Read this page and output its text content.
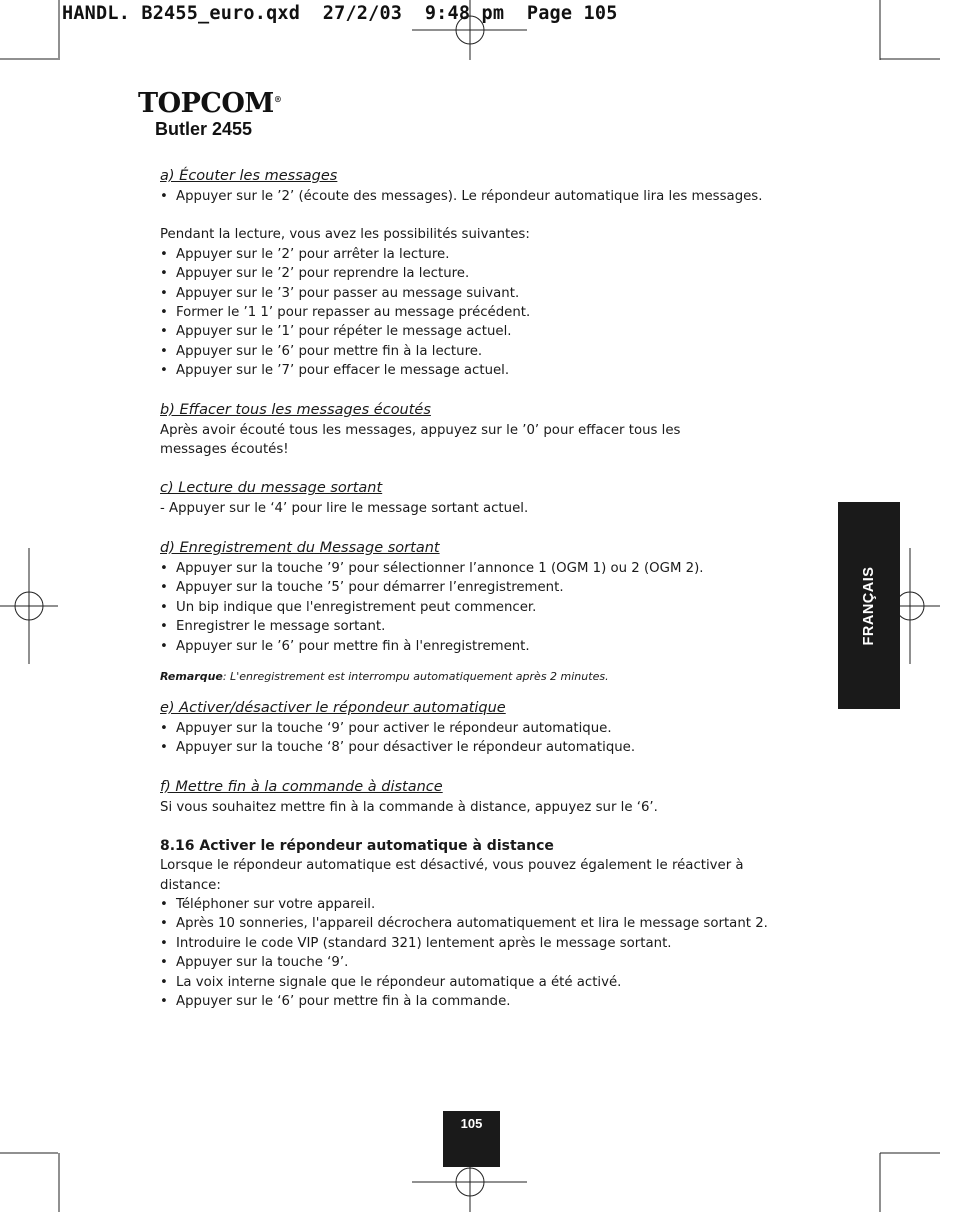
HANDL. B2455_euro.qxd  27/2/03  9:48 pm  Page 105
TOPCOM®
Butler 2455
FRANÇAIS

a) Écouter les messages

• Appuyer sur le ’2’ (écoute des messages). Le répondeur automatique lira les messages.

Pendant la lecture, vous avez les possibilités suivantes:

• Appuyer sur le ’2’ pour arrêter la lecture.
• Appuyer sur le ’2’ pour reprendre la lecture.
• Appuyer sur le ’3’ pour passer au message suivant.
• Former le ’1 1’ pour repasser au message précédent.
• Appuyer sur le ’1’ pour répéter le message actuel.
• Appuyer sur le ’6’ pour mettre fin à la lecture.
• Appuyer sur le ’7’ pour effacer le message actuel.

b) Effacer tous les messages écoutés

Après avoir écouté tous les messages, appuyez sur le ’0’ pour effacer tous les messages écoutés!

c) Lecture du message sortant

- Appuyer sur le ‘4’ pour lire le message sortant actuel.

d) Enregistrement du Message sortant

• Appuyer sur la touche ’9’ pour sélectionner l’annonce 1 (OGM 1) ou 2 (OGM 2).
• Appuyer sur la touche ’5’ pour démarrer l’enregistrement.
• Un bip indique que l'enregistrement peut commencer.
• Enregistrer le message sortant.
• Appuyer sur le ’6’ pour mettre fin à l'enregistrement.

Remarque: L'enregistrement est interrompu automatiquement après 2 minutes.

e) Activer/désactiver le répondeur automatique

• Appuyer sur la touche ‘9’ pour activer le répondeur automatique.
• Appuyer sur la touche ‘8’ pour désactiver le répondeur automatique.

f) Mettre fin à la commande à distance

Si vous souhaitez mettre fin à la commande à distance, appuyez sur le ‘6’.

8.16 Activer le répondeur automatique à distance

Lorsque le répondeur automatique est désactivé, vous pouvez également le réactiver à distance:

• Téléphoner sur votre appareil.
• Après 10 sonneries, l'appareil décrochera automatiquement et lira le message sortant 2.
• Introduire le code VIP (standard 321) lentement après le message sortant.
• Appuyer sur la touche ‘9’.
• La voix interne signale que le répondeur automatique a été activé.
• Appuyer sur le ‘6’ pour mettre fin à la commande.
105
